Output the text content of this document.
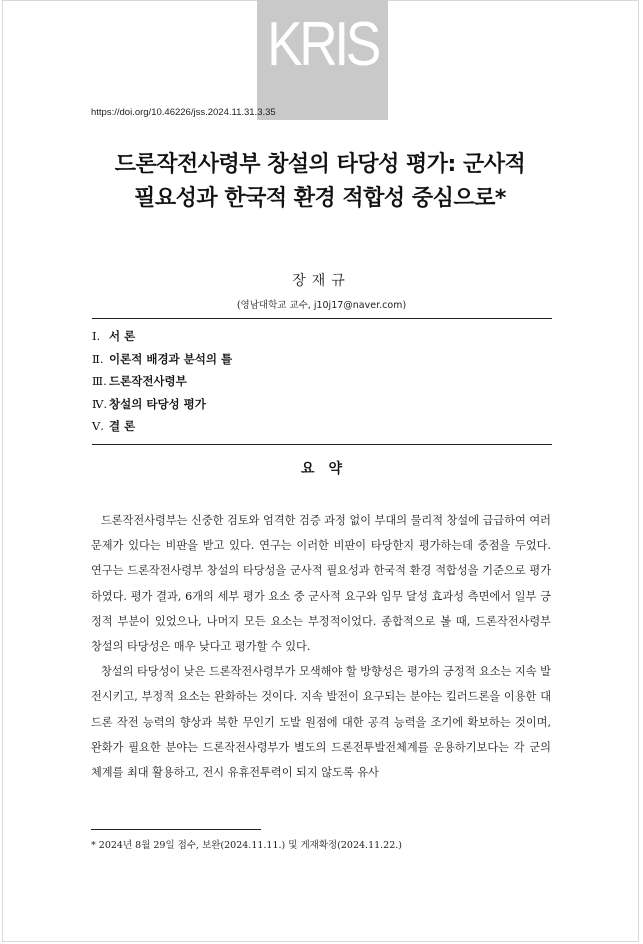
KRIS
https://doi.org/10.46226/jss.2024.11.31.3.35
드론작전사령부 창설의 타당성 평가: 군사적
필요성과 한국적 환경 적합성 중심으로*
장재규
(영남대학교 교수, j10j17@naver.com)
Ⅰ. 서 론
Ⅱ. 이론적 배경과 분석의 틀
Ⅲ. 드론작전사령부
Ⅳ. 창설의 타당성 평가
Ⅴ. 결 론
요약

드론작전사령부는 신중한 검토와 엄격한 검증 과정 없이 부대의 물리적 창설에 급급하여 여러 문제가 있다는 비판을 받고 있다. 연구는 이러한 비판이 타당한지 평가하는데 중점을 두었다. 연구는 드론작전사령부 창설의 타당성을 군사적 필요성과 한국적 환경 적합성을 기준으로 평가하였다. 평가 결과, 6개의 세부 평가 요소 중 군사적 요구와 임무 달성 효과성 측면에서 일부 긍정적 부분이 있었으나, 나머지 모든 요소는 부정적이었다. 종합적으로 볼 때, 드론작전사령부 창설의 타당성은 매우 낮다고 평가할 수 있다.

창설의 타당성이 낮은 드론작전사령부가 모색해야 할 방향성은 평가의 긍정적 요소는 지속 발전시키고, 부정적 요소는 완화하는 것이다. 지속 발전이 요구되는 분야는 킬러드론을 이용한 대드론 작전 능력의 향상과 북한 무인기 도발 원점에 대한 공격 능력을 조기에 확보하는 것이며, 완화가 필요한 분야는 드론작전사령부가 별도의 드론전투발전체계를 운용하기보다는 각 군의 체계를 최대 활용하고, 전시 유휴전투력이 되지 않도록 유사

* 2024년 8월 29일 접수, 보완(2024.11.11.) 및 게재확정(2024.11.22.)
